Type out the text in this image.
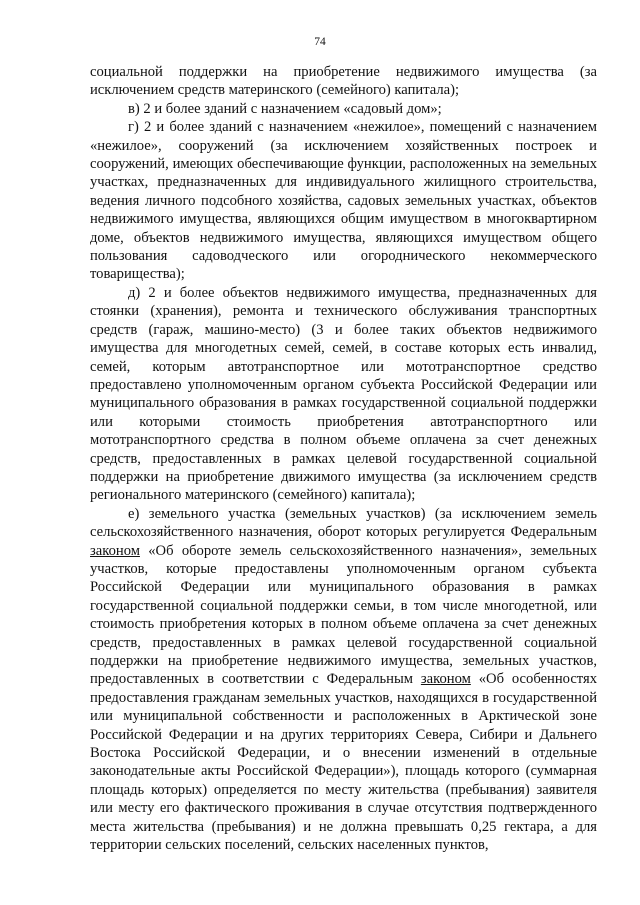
74

социальной поддержки на приобретение недвижимого имущества (за исключением средств материнского (семейного) капитала);

в) 2 и более зданий с назначением «садовый дом»;

г) 2 и более зданий с назначением «нежилое», помещений с назначением «нежилое», сооружений (за исключением хозяйственных построек и сооружений, имеющих обеспечивающие функции, расположенных на земельных участках, предназначенных для индивидуального жилищного строительства, ведения личного подсобного хозяйства, садовых земельных участках, объектов недвижимого имущества, являющихся общим имуществом в многоквартирном доме, объектов недвижимого имущества, являющихся имуществом общего пользования садоводческого или огороднического некоммерческого товарищества);

д) 2 и более объектов недвижимого имущества, предназначенных для стоянки (хранения), ремонта и технического обслуживания транспортных средств (гараж, машино-место) (3 и более таких объектов недвижимого имущества для многодетных семей, семей, в составе которых есть инвалид, семей, которым автотранспортное или мототранспортное средство предоставлено уполномоченным органом субъекта Российской Федерации или муниципального образования в рамках государственной социальной поддержки или которыми стоимость приобретения автотранспортного или мототранспортного средства в полном объеме оплачена за счет денежных средств, предоставленных в рамках целевой государственной социальной поддержки на приобретение движимого имущества (за исключением средств регионального материнского (семейного) капитала);

е) земельного участка (земельных участков) (за исключением земель сельскохозяйственного назначения, оборот которых регулируется Федеральным законом «Об обороте земель сельскохозяйственного назначения», земельных участков, которые предоставлены уполномоченным органом субъекта Российской Федерации или муниципального образования в рамках государственной социальной поддержки семьи, в том числе многодетной, или стоимость приобретения которых в полном объеме оплачена за счет денежных средств, предоставленных в рамках целевой государственной социальной поддержки на приобретение недвижимого имущества, земельных участков, предоставленных в соответствии с Федеральным законом «Об особенностях предоставления гражданам земельных участков, находящихся в государственной или муниципальной собственности и расположенных в Арктической зоне Российской Федерации и на других территориях Севера, Сибири и Дальнего Востока Российской Федерации, и о внесении изменений в отдельные законодательные акты Российской Федерации»), площадь которого (суммарная площадь которых) определяется по месту жительства (пребывания) заявителя или месту его фактического проживания в случае отсутствия подтвержденного места жительства (пребывания) и не должна превышать 0,25 гектара, а для территории сельских поселений, сельских населенных пунктов,
